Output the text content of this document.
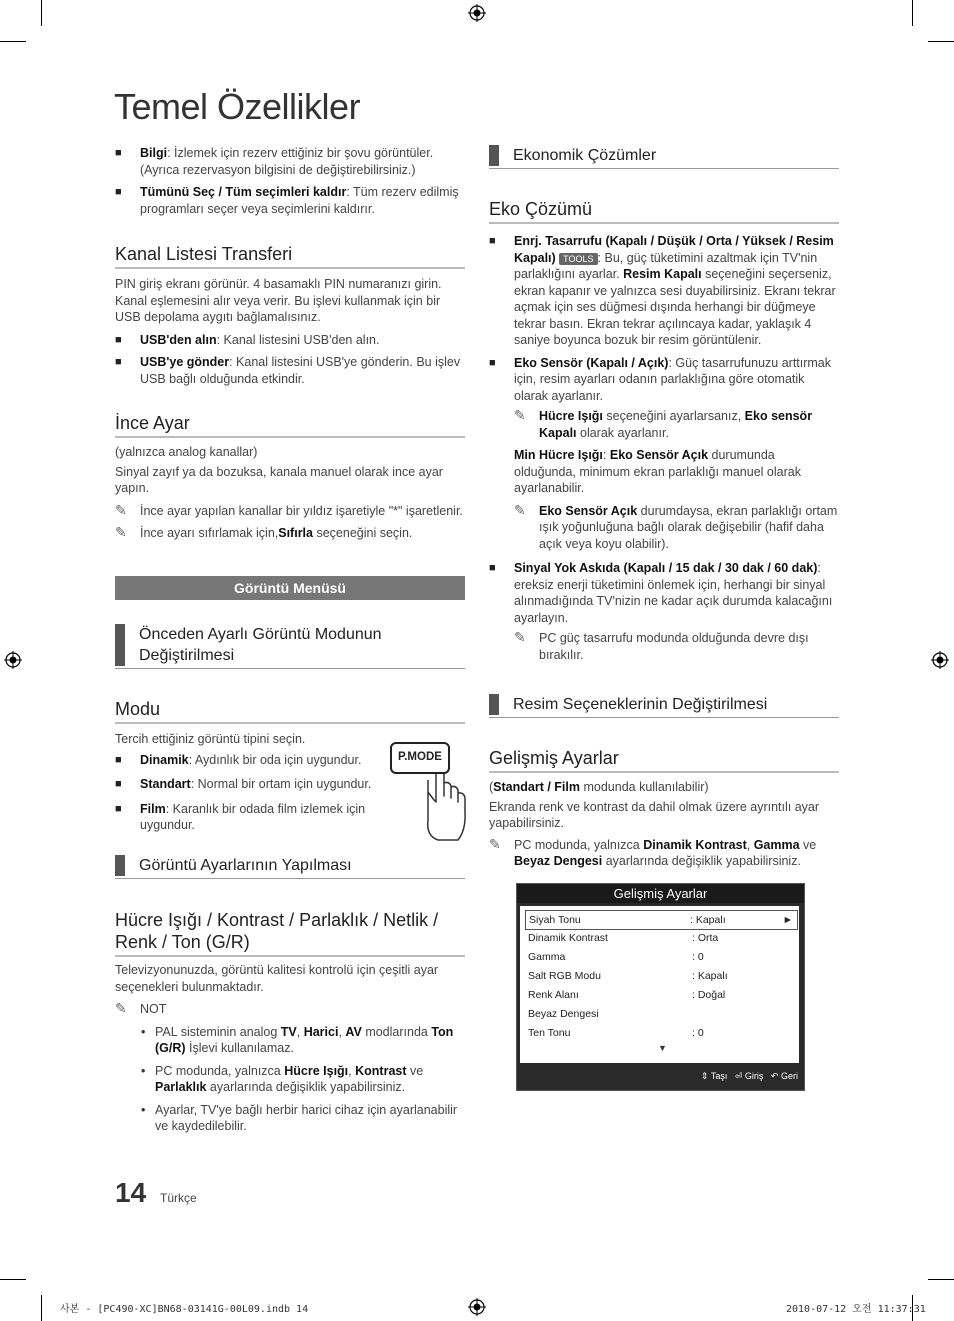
Temel Özellikler

■ Bilgi: İzlemek için rezerv ettiğiniz bir şovu görüntüler. (Ayrıca rezervasyon bilgisini de değiştirebilirsiniz.)

■ Tümünü Seç / Tüm seçimleri kaldır: Tüm rezerv edilmiş programları seçer veya seçimlerini kaldırır.

Kanal Listesi Transferi

PIN giriş ekranı görünür. 4 basamaklı PIN numaranızı girin. Kanal eşlemesini alır veya verir. Bu işlevi kullanmak için bir USB depolama aygıtı bağlamalısınız.

■ USB'den alın: Kanal listesini USB'den alın.

■ USB'ye gönder: Kanal listesini USB'ye gönderin. Bu işlev USB bağlı olduğunda etkindir.

İnce Ayar

(yalnızca analog kanallar)

Sinyal zayıf ya da bozuksa, kanala manuel olarak ince ayar yapın.

✎ İnce ayar yapılan kanallar bir yıldız işaretiyle "*" işaretlenir.

✎ İnce ayarı sıfırlamak için,Sıfırla seçeneğini seçin.

Görüntü Menüsü
Önceden Ayarlı Görüntü Modunun Değiştirilmesi
Modu

Tercih ettiğiniz görüntü tipini seçin.

■ Dinamik: Aydınlık bir oda için uygundur.

■ Standart: Normal bir ortam için uygundur.

■ Film: Karanlık bir odada film izlemek için uygundur.

P.MODE
Görüntü Ayarlarının Yapılması
Hücre Işığı / Kontrast / Parlaklık / Netlik / Renk / Ton (G/R)

Televizyonunuzda, görüntü kalitesi kontrolü için çeşitli ayar seçenekleri bulunmaktadır.

✎ NOT

• PAL sisteminin analog TV, Harici, AV modlarında Ton (G/R) İşlevi kullanılamaz.

• PC modunda, yalnızca Hücre Işığı, Kontrast ve Parlaklık ayarlarında değişiklik yapabilirsiniz.

• Ayarlar, TV'ye bağlı herbir harici cihaz için ayarlanabilir ve kaydedilebilir.

Ekonomik Çözümler
Eko Çözümü

■ Enrj. Tasarrufu (Kapalı / Düşük / Orta / Yüksek / Resim Kapalı) TOOLS : Bu, güç tüketimini azaltmak için TV'nin parlaklığını ayarlar. Resim Kapalı seçeneğini seçerseniz, ekran kapanır ve yalnızca sesi duyabilirsiniz. Ekranı tekrar açmak için ses düğmesi dışında herhangi bir düğmeye tekrar basın. Ekran tekrar açılıncaya kadar, yaklaşık 4 saniye boyunca bozuk bir resim görüntülenir.

■ Eko Sensör (Kapalı / Açık): Güç tasarrufunuzu arttırmak için, resim ayarları odanın parlaklığına göre otomatik olarak ayarlanır.

✎ Hücre Işığı seçeneğini ayarlarsanız, Eko sensör Kapalı olarak ayarlanır.

Min Hücre Işığı: Eko Sensör Açık durumunda olduğunda, minimum ekran parlaklığı manuel olarak ayarlanabilir.

✎ Eko Sensör Açık durumdaysa, ekran parlaklığı ortam ışık yoğunluğuna bağlı olarak değişebilir (hafif daha açık veya koyu olabilir).

■ Sinyal Yok Askıda (Kapalı / 15 dak / 30 dak / 60 dak): ereksiz enerji tüketimini önlemek için, herhangi bir sinyal alınmadığında TV'nizin ne kadar açık durumda kalacağını ayarlayın.

✎ PC güç tasarrufu modunda olduğunda devre dışı bırakılır.

Resim Seçeneklerinin Değiştirilmesi
Gelişmiş Ayarlar

(Standart / Film modunda kullanılabilir)

Ekranda renk ve kontrast da dahil olmak üzere ayrıntılı ayar yapabilirsiniz.

✎ PC modunda, yalnızca Dinamik Kontrast, Gamma ve Beyaz Dengesi ayarlarında değişiklik yapabilirsiniz.

Gelişmiş Ayarlar
Siyah Tonu	: Kapalı	►
Dinamik Kontrast	: Orta
Gamma	: 0
Salt RGB Modu	: Kapalı
Renk Alanı	: Doğal
Beyaz Dengesi
Ten Tonu	: 0
▼
⇕ Taşı ⏎ Giriş ↶ Geri
14 Türkçe
사본 - [PC490-XC]BN68-03141G-00L09.indb 14	2010-07-12 오전 11:37:31
